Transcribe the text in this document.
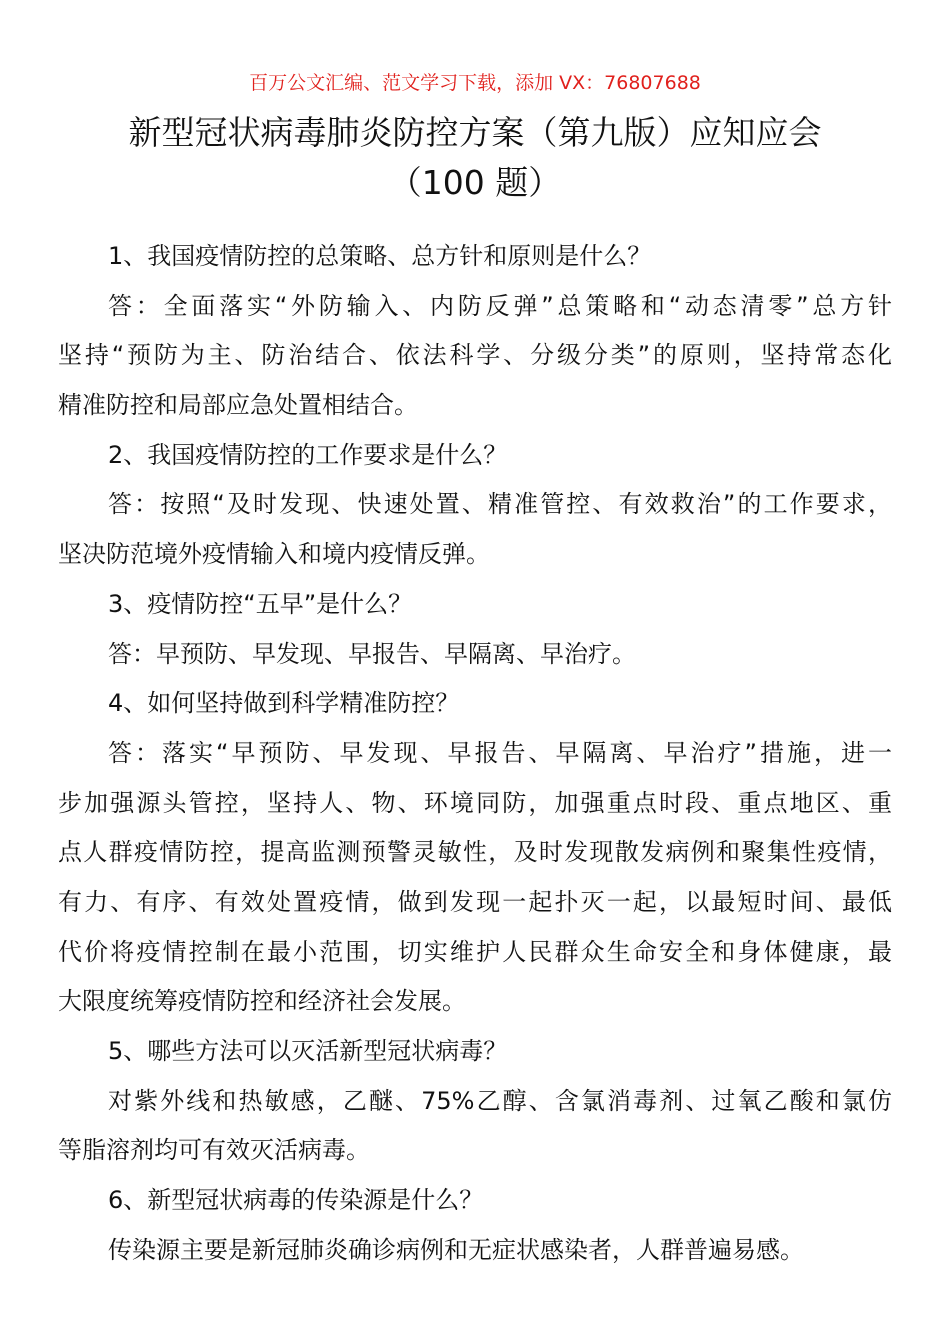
百万公文汇编、范文学习下载，添加 VX：76807688
新型冠状病毒肺炎防控方案（第九版）应知应会
（100 题）
1、我国疫情防控的总策略、总方针和原则是什么？
答：全面落实“外防输入、内防反弹”总策略和“动态清零”总方针
坚持“预防为主、防治结合、依法科学、分级分类”的原则，坚持常态化
精准防控和局部应急处置相结合。
2、我国疫情防控的工作要求是什么？
答：按照“及时发现、快速处置、精准管控、有效救治”的工作要求，
坚决防范境外疫情输入和境内疫情反弹。
3、疫情防控“五早”是什么？
答：早预防、早发现、早报告、早隔离、早治疗。
4、如何坚持做到科学精准防控？
答：落实“早预防、早发现、早报告、早隔离、早治疗”措施，进一
步加强源头管控，坚持人、物、环境同防，加强重点时段、重点地区、重
点人群疫情防控，提高监测预警灵敏性，及时发现散发病例和聚集性疫情，
有力、有序、有效处置疫情，做到发现一起扑灭一起，以最短时间、最低
代价将疫情控制在最小范围，切实维护人民群众生命安全和身体健康，最
大限度统筹疫情防控和经济社会发展。
5、哪些方法可以灭活新型冠状病毒？
对紫外线和热敏感，乙醚、75%乙醇、含氯消毒剂、过氧乙酸和氯仿
等脂溶剂均可有效灭活病毒。
6、新型冠状病毒的传染源是什么？
传染源主要是新冠肺炎确诊病例和无症状感染者，人群普遍易感。
